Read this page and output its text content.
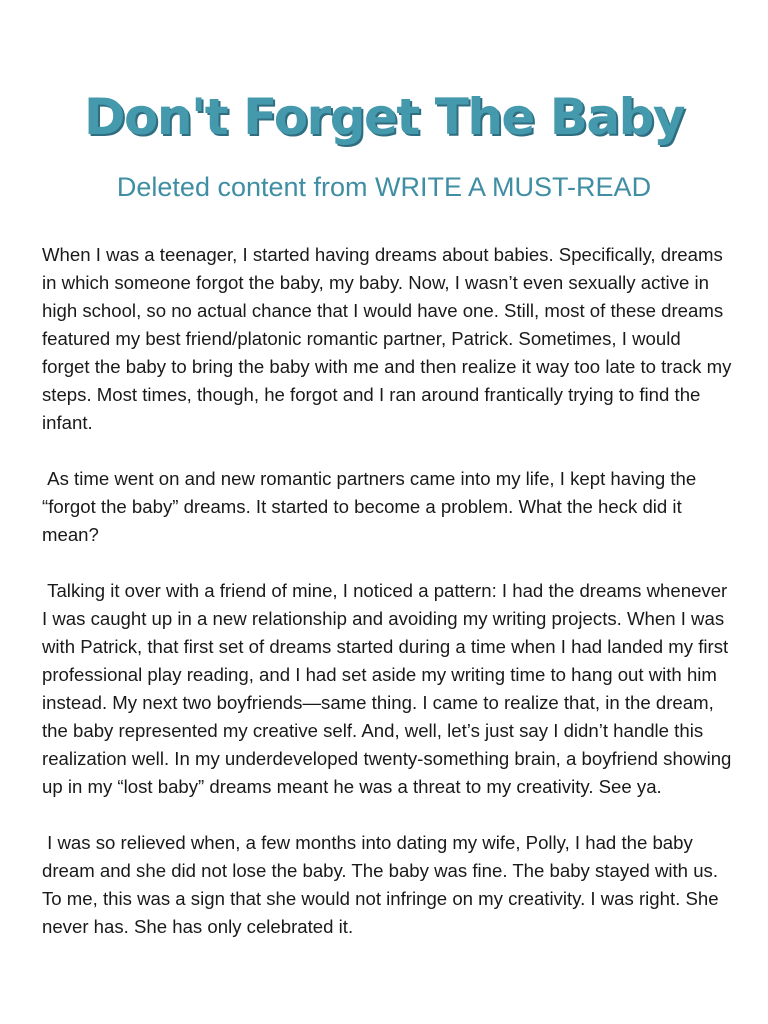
Don't Forget The Baby
Deleted content from WRITE A MUST-READ

When I was a teenager, I started having dreams about babies. Specifically, dreams in which someone forgot the baby, my baby. Now, I wasn’t even sexually active in high school, so no actual chance that I would have one. Still, most of these dreams featured my best friend/platonic romantic partner, Patrick. Sometimes, I would forget the baby to bring the baby with me and then realize it way too late to track my steps. Most times, though, he forgot and I ran around frantically trying to find the infant.

As time went on and new romantic partners came into my life, I kept having the “forgot the baby” dreams. It started to become a problem. What the heck did it mean?

Talking it over with a friend of mine, I noticed a pattern: I had the dreams whenever I was caught up in a new relationship and avoiding my writing projects. When I was with Patrick, that first set of dreams started during a time when I had landed my first professional play reading, and I had set aside my writing time to hang out with him instead. My next two boyfriends—same thing. I came to realize that, in the dream, the baby represented my creative self. And, well, let’s just say I didn’t handle this realization well. In my underdeveloped twenty-something brain, a boyfriend showing up in my “lost baby” dreams meant he was a threat to my creativity. See ya.

I was so relieved when, a few months into dating my wife, Polly, I had the baby dream and she did not lose the baby. The baby was fine. The baby stayed with us. To me, this was a sign that she would not infringe on my creativity. I was right. She never has. She has only celebrated it.
